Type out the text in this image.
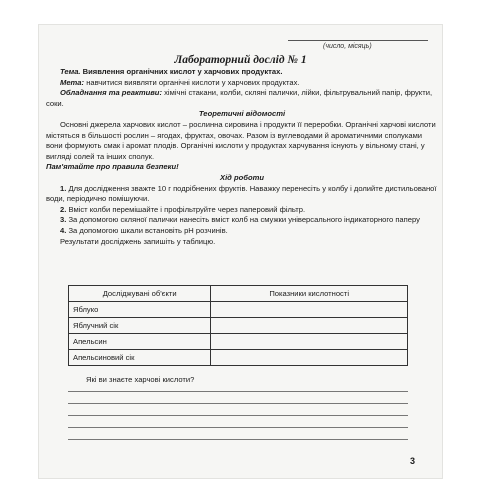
(число, місяць)
Лабораторний дослід № 1

Тема. Виявлення органічних кислот у харчових продуктах.

Мета: навчитися виявляти органічні кислоти у харчових продуктах.

Обладнання та реактиви: хімічні стакани, колби, скляні палички, лійки, фільтрувальний папір, фрукти, соки.

Теоретичні відомості

Основні джерела харчових кислот – рослинна сировина і продукти її переробки. Органічні харчові кислоти містяться в більшості рослин – ягодах, фруктах, овочах. Разом із вуглеводами й ароматичними сполуками вони формують смак і аромат плодів. Органічні кислоти у продуктах харчування існують у вільному стані, у вигляді солей та інших сполук.

Пам'ятайте про правила безпеки!

Хід роботи

1. Для дослідження зважте 10 г подрібнених фруктів. Наважку перенесіть у колбу і долийте дистильованої води, періодично помішуючи.

2. Вміст колби перемішайте і профільтруйте через паперовий фільтр.

3. За допомогою скляної палички нанесіть вміст колб на смужки універсального індикаторного паперу

4. За допомогою шкали встановіть pH розчинів.

Результати досліджень запишіть у таблицю.

Досліджувані об'єкти	Показники кислотності
Яблуко	
Яблучний сік	
Апельсин	
Апельсиновий сік	
Які ви знаєте харчові кислоти?
3
